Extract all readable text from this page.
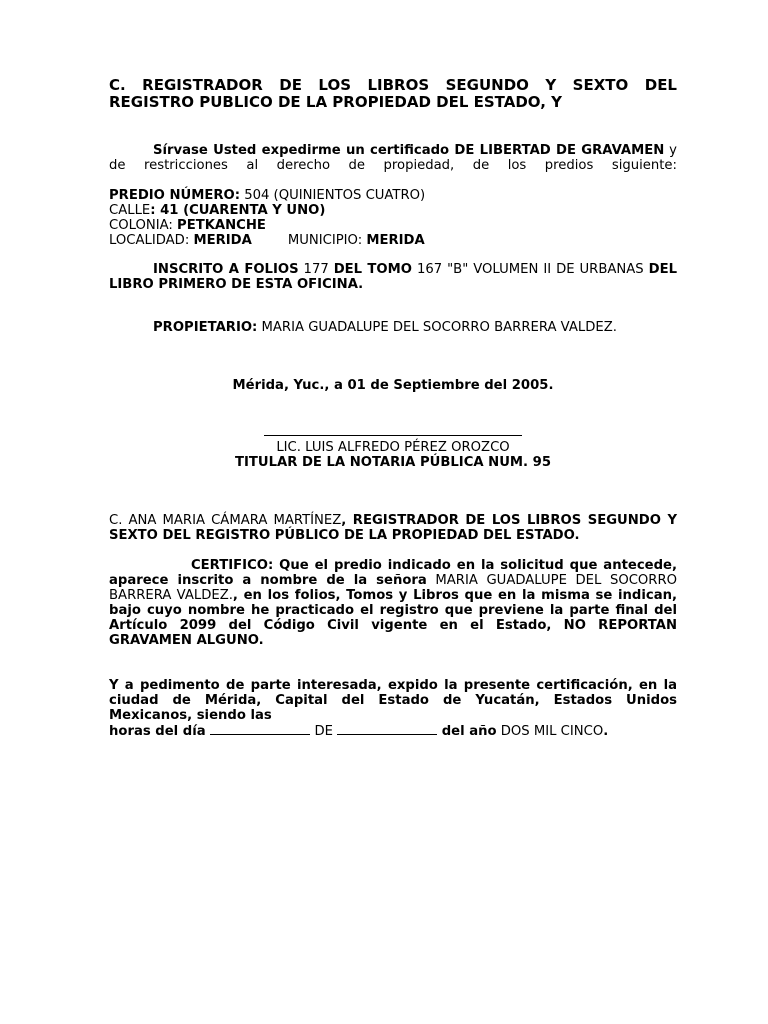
C. REGISTRADOR DE LOS LIBROS SEGUNDO Y SEXTO DEL
REGISTRO PUBLICO DE LA PROPIEDAD DEL ESTADO, Y

Sírvase Usted expedirme un certificado DE LIBERTAD DE GRAVAMEN y de restricciones al derecho de propiedad, de los predios siguiente:

PREDIO NÚMERO: 504 (QUINIENTOS CUATRO)

CALLE: 41 (CUARENTA Y UNO)

COLONIA: PETKANCHE

LOCALIDAD: MERIDA	MUNICIPIO: MERIDA

INSCRITO A FOLIOS 177 DEL TOMO 167 "B" VOLUMEN II DE URBANAS DEL LIBRO PRIMERO DE ESTA OFICINA.

PROPIETARIO: MARIA GUADALUPE DEL SOCORRO BARRERA VALDEZ.

Mérida, Yuc., a 01 de Septiembre del 2005.

LIC. LUIS ALFREDO PÉREZ OROZCO

TITULAR DE LA NOTARIA PÚBLICA NUM. 95

C. ANA MARIA CÁMARA MARTÍNEZ, REGISTRADOR DE LOS LIBROS SEGUNDO Y SEXTO DEL REGISTRO PÚBLICO DE LA PROPIEDAD DEL ESTADO.

CERTIFICO: Que el predio indicado en la solicitud que antecede, aparece inscrito a nombre de la señora MARIA GUADALUPE DEL SOCORRO BARRERA VALDEZ., en los folios, Tomos y Libros que en la misma se indican, bajo cuyo nombre he practicado el registro que previene la parte final del Artículo 2099 del Código Civil vigente en el Estado, NO REPORTAN GRAVAMEN ALGUNO.

Y a pedimento de parte interesada, expido la presente certificación, en la ciudad de Mérida, Capital del Estado de Yucatán, Estados Unidos Mexicanos, siendo las

horas del día	DE	del año DOS MIL CINCO.
